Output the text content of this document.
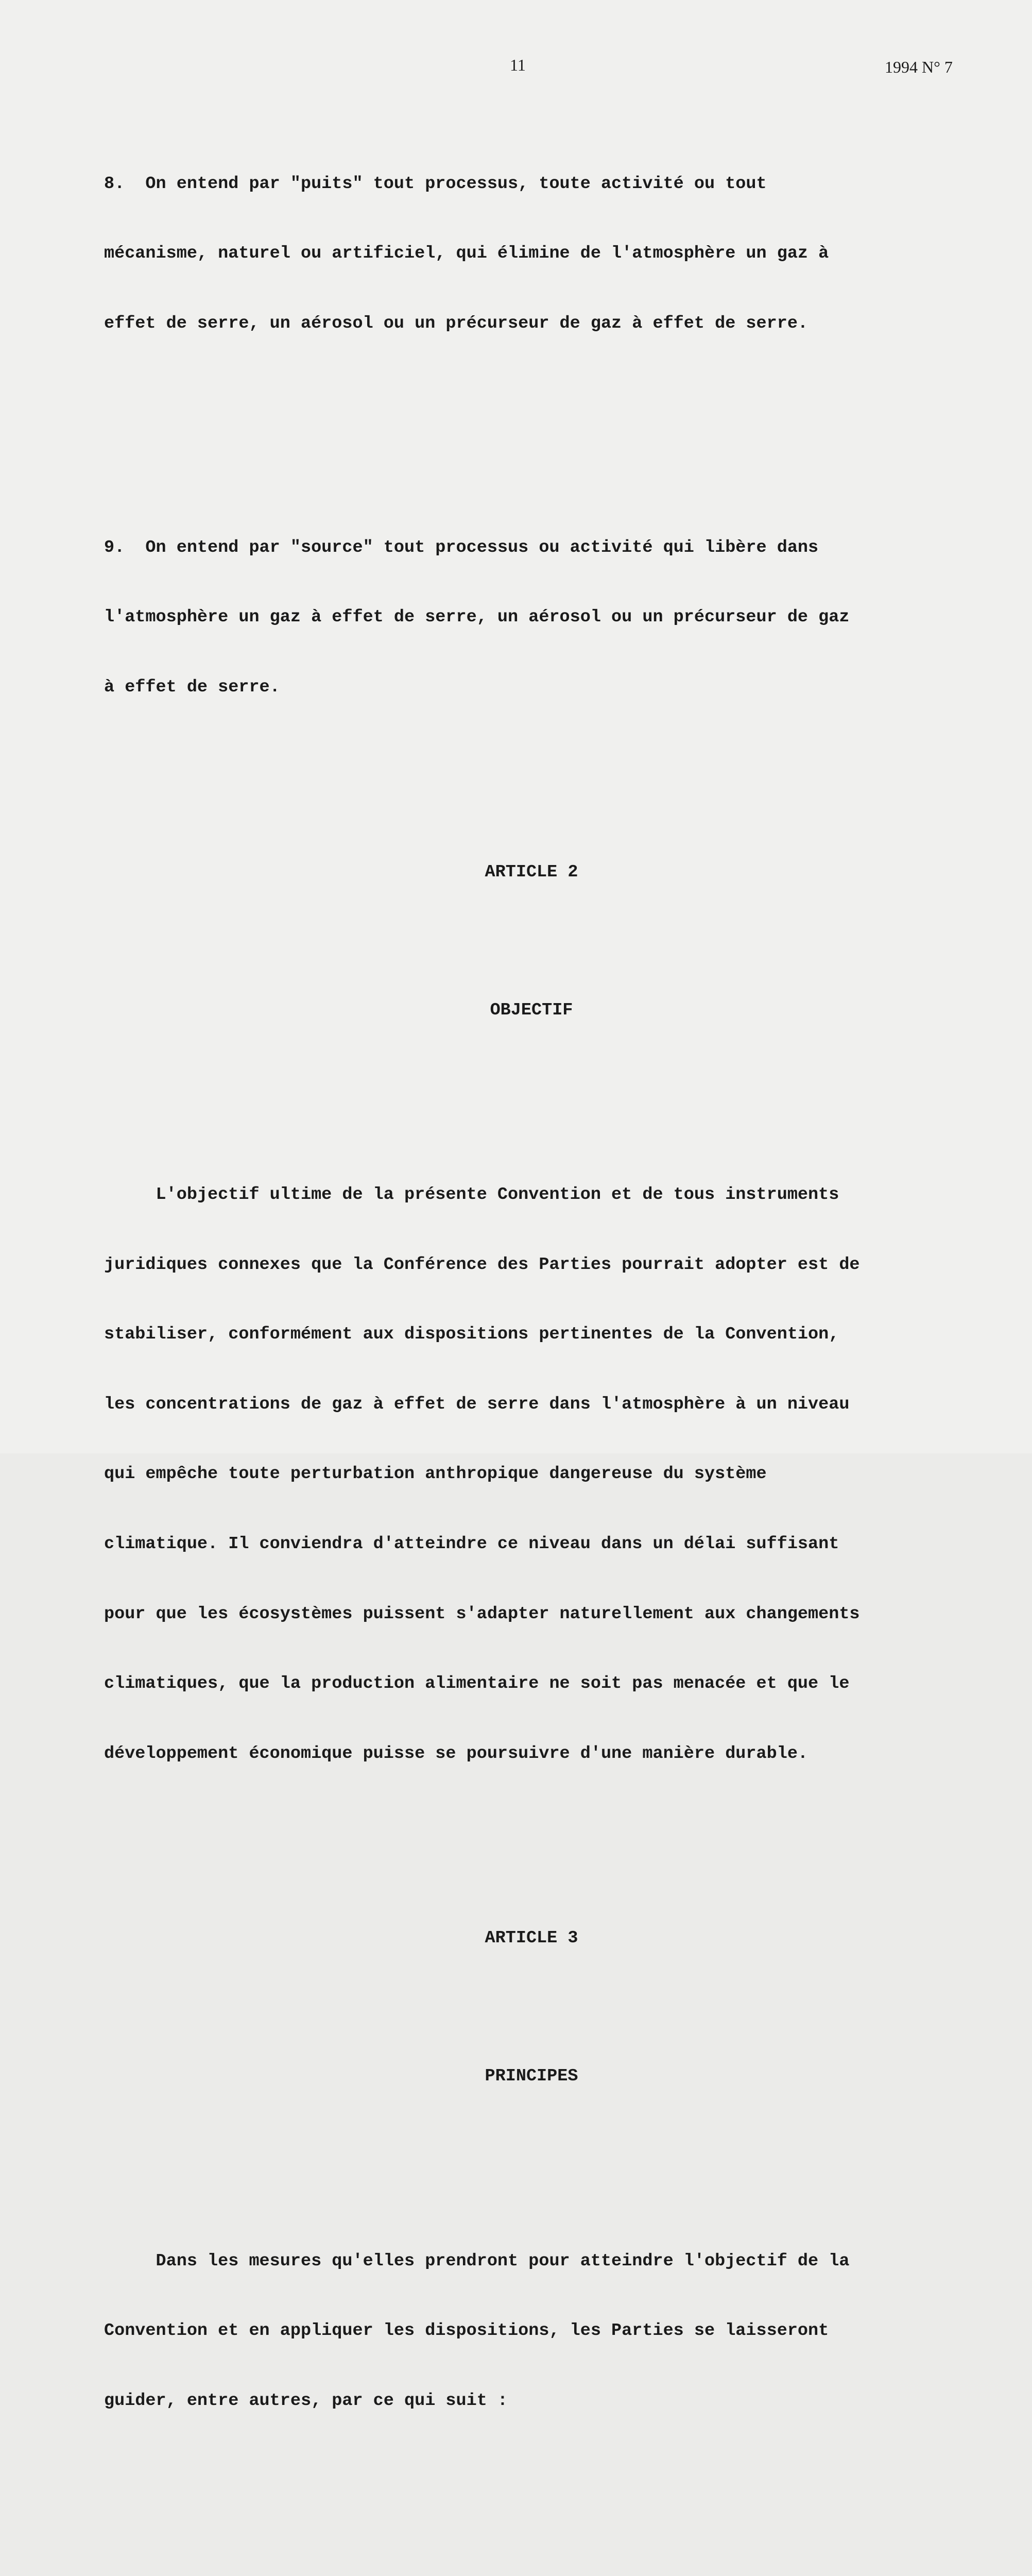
11	1994 N° 7

8.  On entend par "puits" tout processus, toute activité ou tout

mécanisme, naturel ou artificiel, qui élimine de l'atmosphère un gaz à

effet de serre, un aérosol ou un précurseur de gaz à effet de serre.

9.  On entend par "source" tout processus ou activité qui libère dans

l'atmosphère un gaz à effet de serre, un aérosol ou un précurseur de gaz

à effet de serre.

ARTICLE 2

OBJECTIF

L'objectif ultime de la présente Convention et de tous instruments

juridiques connexes que la Conférence des Parties pourrait adopter est de

stabiliser, conformément aux dispositions pertinentes de la Convention,

les concentrations de gaz à effet de serre dans l'atmosphère à un niveau

qui empêche toute perturbation anthropique dangereuse du système

climatique. Il conviendra d'atteindre ce niveau dans un délai suffisant

pour que les écosystèmes puissent s'adapter naturellement aux changements

climatiques, que la production alimentaire ne soit pas menacée et que le

développement économique puisse se poursuivre d'une manière durable.

ARTICLE 3

PRINCIPES

Dans les mesures qu'elles prendront pour atteindre l'objectif de la

Convention et en appliquer les dispositions, les Parties se laisseront

guider, entre autres, par ce qui suit :
